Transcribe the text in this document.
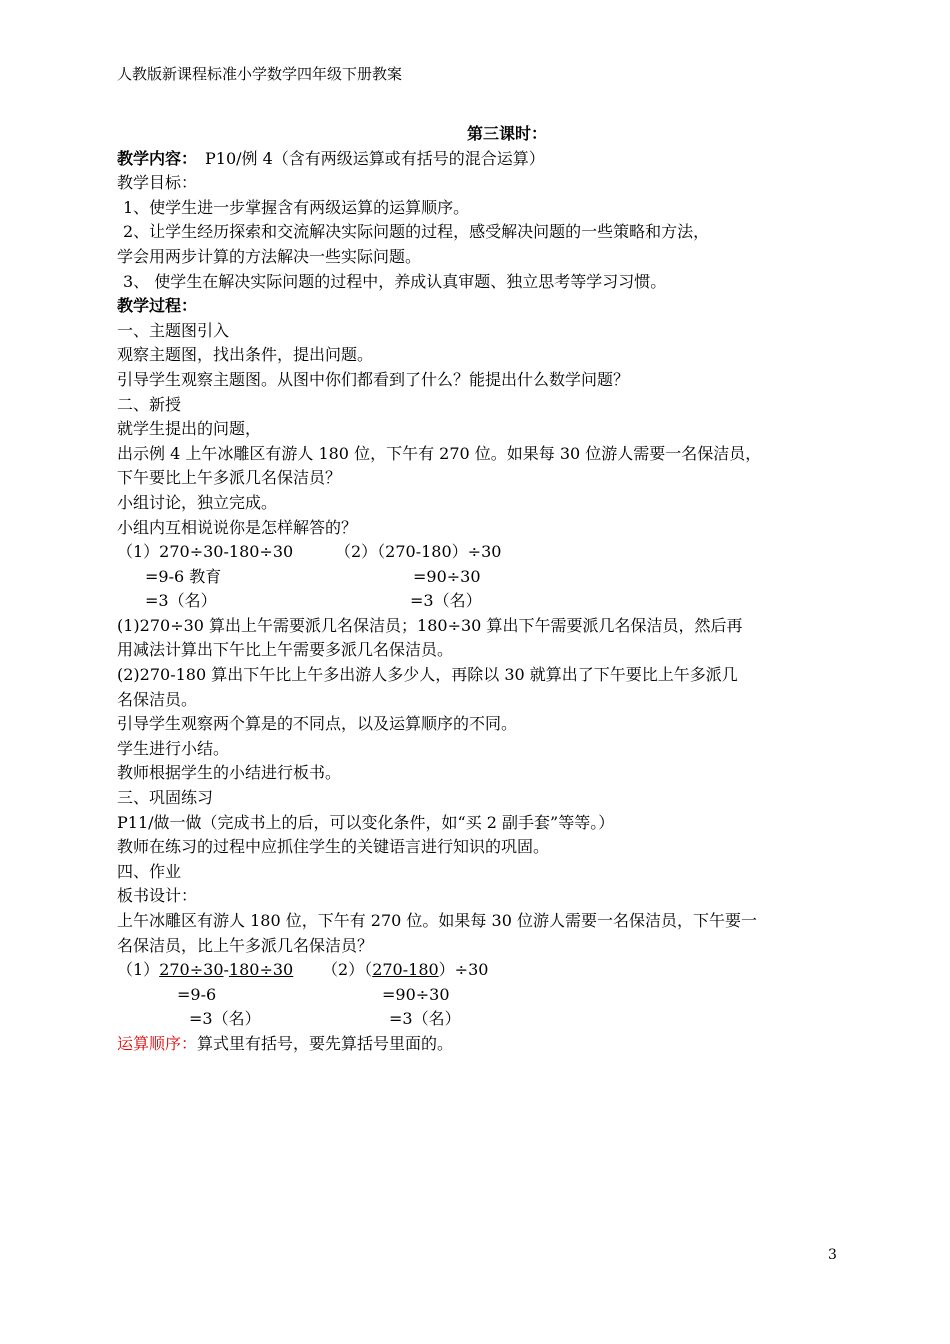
人教版新课程标准小学数学四年级下册教案
第三课时：
教学内容： P10/例 4（含有两级运算或有括号的混合运算）
教学目标：
1、使学生进一步掌握含有两级运算的运算顺序。
2、让学生经历探索和交流解决实际问题的过程，感受解决问题的一些策略和方法，
学会用两步计算的方法解决一些实际问题。
3、 使学生在解决实际问题的过程中，养成认真审题、独立思考等学习习惯。
教学过程：
一、主题图引入
观察主题图，找出条件，提出问题。
引导学生观察主题图。从图中你们都看到了什么？能提出什么数学问题？
二、新授
就学生提出的问题，
出示例 4 上午冰雕区有游人 180 位，下午有 270 位。如果每 30 位游人需要一名保洁员，
下午要比上午多派几名保洁员？
小组讨论，独立完成。
小组内互相说说你是怎样解答的？
（1）270÷30-180÷30	（2）（270-180）÷30
=9-6 教育	=90÷30
=3（名）	=3（名）
(1)270÷30 算出上午需要派几名保洁员；180÷30 算出下午需要派几名保洁员，然后再
用减法计算出下午比上午需要多派几名保洁员。
(2)270-180 算出下午比上午多出游人多少人，再除以 30 就算出了下午要比上午多派几
名保洁员。
引导学生观察两个算是的不同点，以及运算顺序的不同。
学生进行小结。
教师根据学生的小结进行板书。
三、巩固练习
P11/做一做（完成书上的后，可以变化条件，如“买 2 副手套”等等。）
教师在练习的过程中应抓住学生的关键语言进行知识的巩固。
四、作业
板书设计：
上午冰雕区有游人 180 位，下午有 270 位。如果每 30 位游人需要一名保洁员，下午要一
名保洁员，比上午多派几名保洁员？
（1）270÷30-180÷30 （2）（270-180）÷30
=9-6	=90÷30
=3（名）	=3（名）
运算顺序：算式里有括号，要先算括号里面的。
3
